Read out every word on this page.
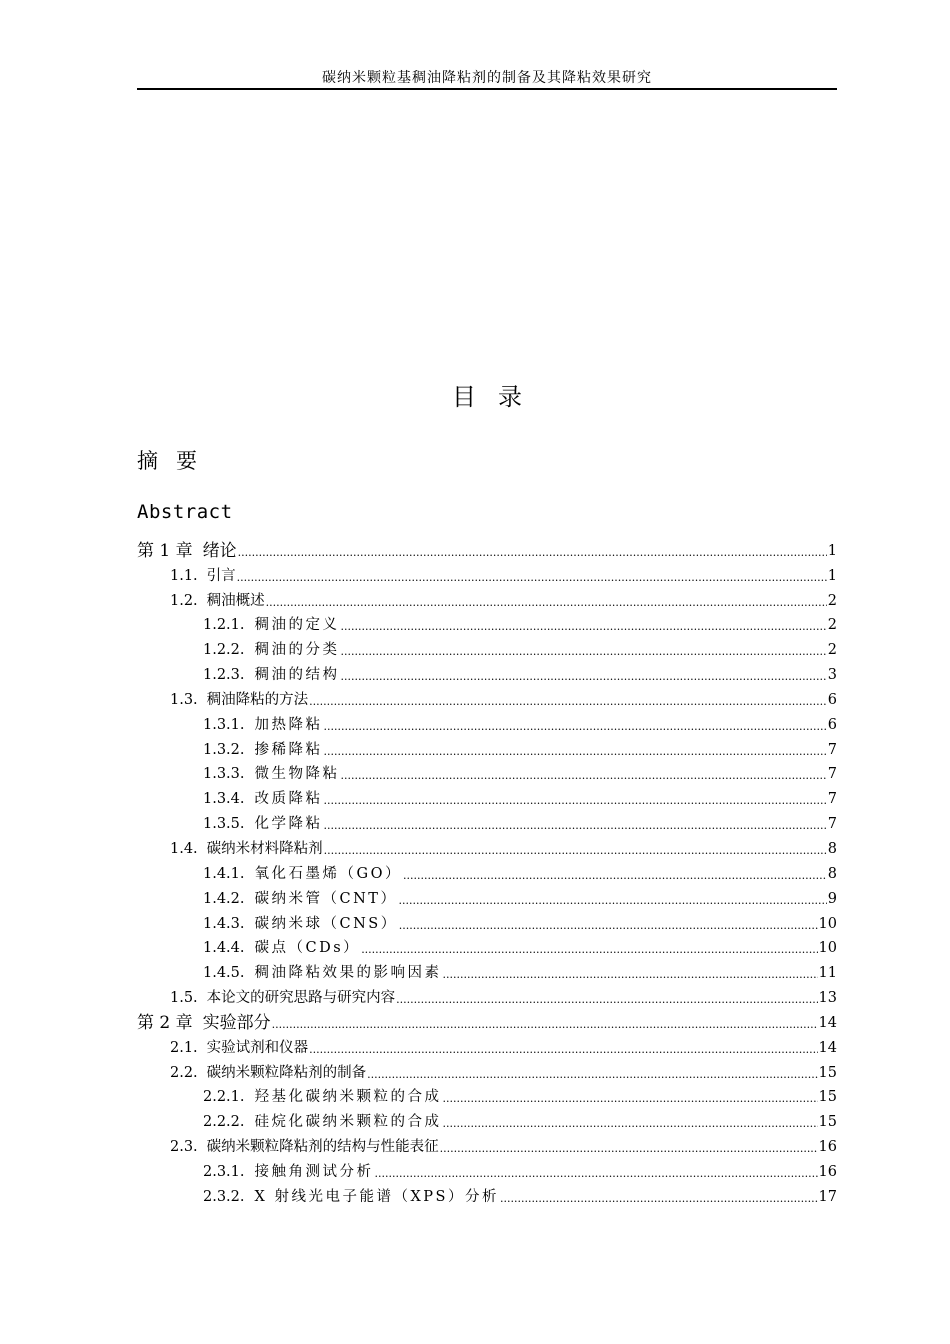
碳纳米颗粒基稠油降粘剂的制备及其降粘效果研究
目录
摘要
Abstract
第 1 章 绪论 .....	1
1.1. 引言 .....	1
1.2. 稠油概述 .....	2
1.2.1. 稠油的定义 .....	2
1.2.2. 稠油的分类 .....	2
1.2.3. 稠油的结构 .....	3
1.3. 稠油降粘的方法 .....	6
1.3.1. 加热降粘 .....	6
1.3.2. 掺稀降粘 .....	7
1.3.3. 微生物降粘 .....	7
1.3.4. 改质降粘 .....	7
1.3.5. 化学降粘 .....	7
1.4. 碳纳米材料降粘剂 .....	8
1.4.1. 氧化石墨烯（GO） .....	8
1.4.2. 碳纳米管（CNT） .....	9
1.4.3. 碳纳米球（CNS） .....	10
1.4.4. 碳点（CDs） .....	10
1.4.5. 稠油降粘效果的影响因素 .....	11
1.5. 本论文的研究思路与研究内容 .....	13
第 2 章 实验部分 .....	14
2.1. 实验试剂和仪器 .....	14
2.2. 碳纳米颗粒降粘剂的制备 .....	15
2.2.1. 羟基化碳纳米颗粒的合成 .....	15
2.2.2. 硅烷化碳纳米颗粒的合成 .....	15
2.3. 碳纳米颗粒降粘剂的结构与性能表征 .....	16
2.3.1. 接触角测试分析 .....	16
2.3.2. X 射线光电子能谱（XPS）分析 .....	17
